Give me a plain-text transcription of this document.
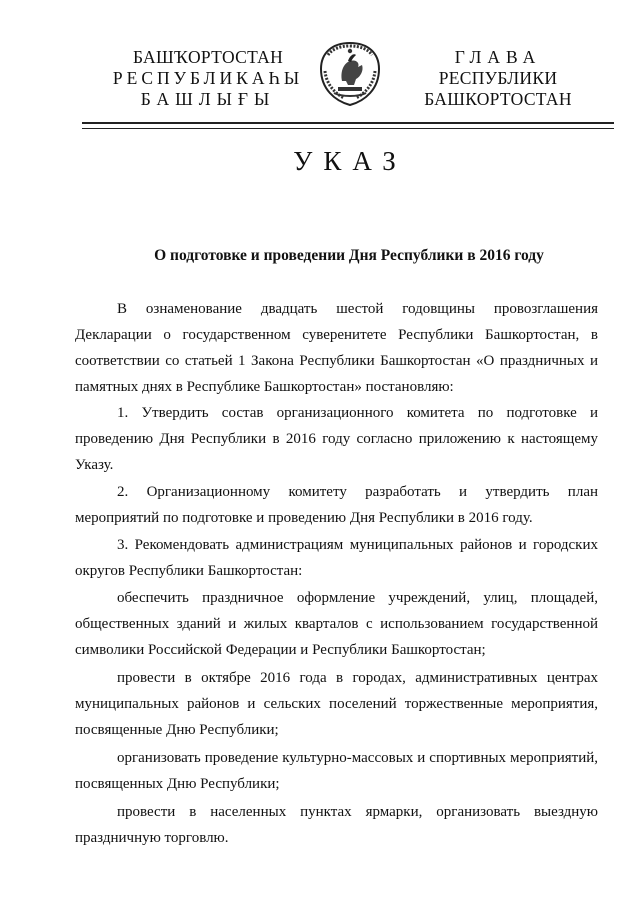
БАШҠОРТОСТАН
РЕСПУБЛИКАҺЫ
БАШЛЫҒЫ
ГЛАВА
РЕСПУБЛИКИ
БАШКОРТОСТАН
УКАЗ
О подготовке и проведении Дня Республики в 2016 году

В ознаменование двадцать шестой годовщины провозглашения Декларации о государственном суверенитете Республики Башкортостан, в соответствии со статьей 1 Закона Республики Башкортостан «О праздничных и памятных днях в Республике Башкортостан» постановляю:

1. Утвердить состав организационного комитета по подготовке и проведению Дня Республики в 2016 году согласно приложению к настоящему Указу.

2. Организационному комитету разработать и утвердить план мероприятий по подготовке и проведению Дня Республики в 2016 году.

3. Рекомендовать администрациям муниципальных районов и городских округов Республики Башкортостан:

обеспечить праздничное оформление учреждений, улиц, площадей, общественных зданий и жилых кварталов с использованием государственной символики Российской Федерации и Республики Башкортостан;

провести в октябре 2016 года в городах, административных центрах муниципальных районов и сельских поселений торжественные мероприятия, посвященные Дню Республики;

организовать проведение культурно-массовых и спортивных мероприятий, посвященных Дню Республики;

провести в населенных пунктах ярмарки, организовать выездную праздничную торговлю.
